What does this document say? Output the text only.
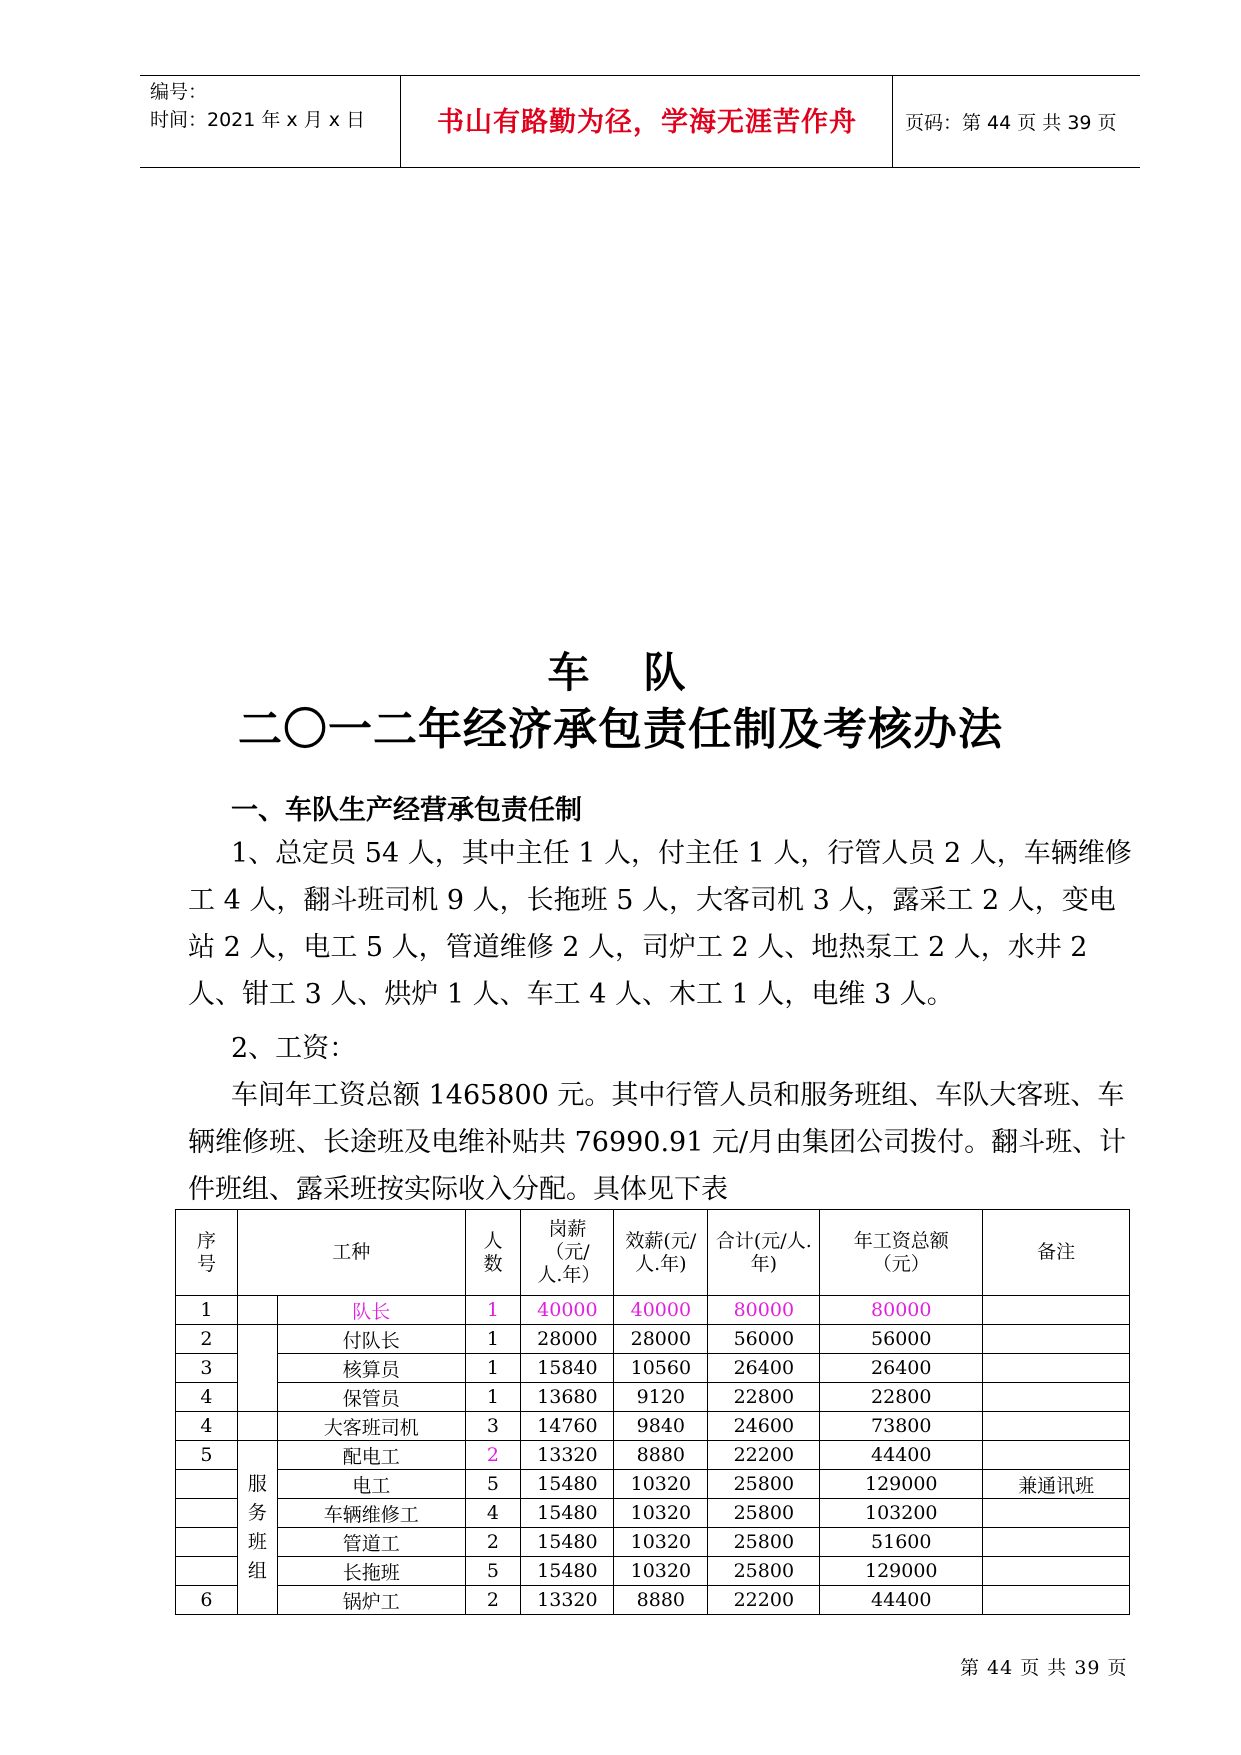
编号：
时间：2021 年 x 月 x 日	书山有路勤为径，学海无涯苦作舟	页码：第 44 页 共 39 页
车 队
二〇一二年经济承包责任制及考核办法
一、车队生产经营承包责任制
1、总定员 54 人，其中主任 1 人，付主任 1 人，行管人员 2 人，车辆维修工 4 人，翻斗班司机 9 人，长拖班 5 人，大客司机 3 人，露采工 2 人，变电站 2 人，电工 5 人，管道维修 2 人，司炉工 2 人、地热泵工 2 人，水井 2 人、钳工 3 人、烘炉 1 人、车工 4 人、木工 1 人，电维 3 人。
2、工资：
车间年工资总额 1465800 元。其中行管人员和服务班组、车队大客班、车辆维修班、长途班及电维补贴共 76990.91 元/月由集团公司拨付。翻斗班、计件班组、露采班按实际收入分配。具体见下表
序号	工种		人数	岗薪（元/人.年）	效薪(元/人.年)	合计(元/人.年)	年工资总额（元）	备注
1		队长	1	40000	40000	80000	80000	
2		付队长	1	28000	28000	56000	56000	
3		核算员	1	15840	10560	26400	26400	
4		保管员	1	13680	9120	22800	22800	
4		大客班司机	3	14760	9840	24600	73800	
5	服务班组	配电工	2	13320	8880	22200	44400	
		电工	5	15480	10320	25800	129000	兼通讯班
		车辆维修工	4	15480	10320	25800	103200	
		管道工	2	15480	10320	25800	51600	
		长拖班	5	15480	10320	25800	129000	
6		锅炉工	2	13320	8880	22200	44400	
第 44 页 共 39 页
